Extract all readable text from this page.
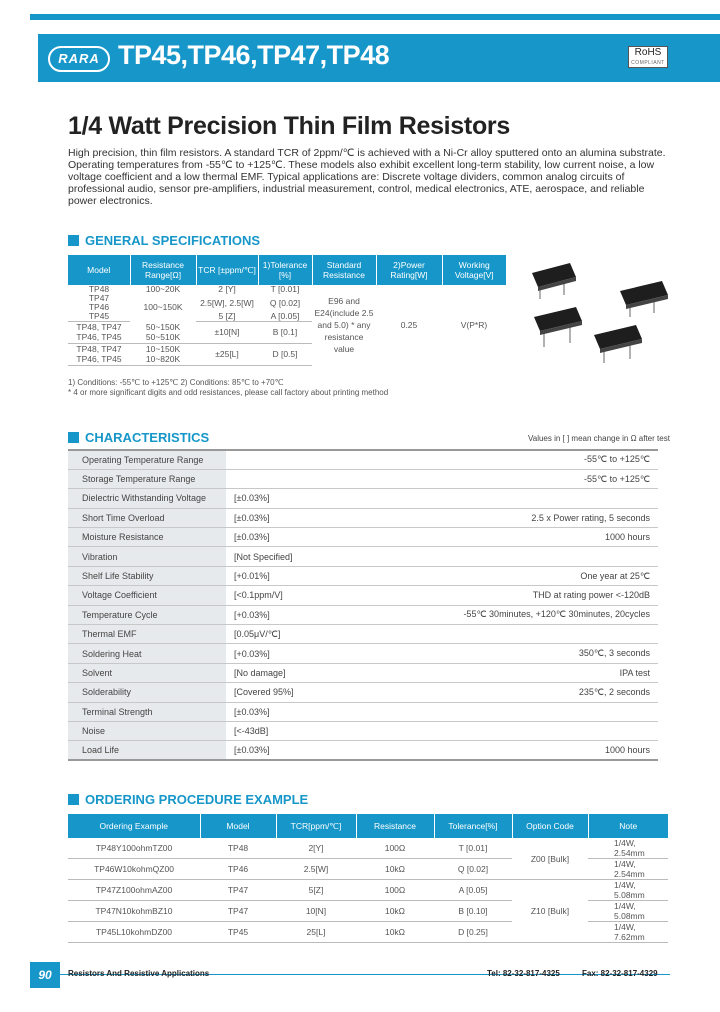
RARA TP45,TP46,TP47,TP48	RoHS
COMPLIANT
1/4 Watt Precision Thin Film Resistors

High precision, thin film resistors. A standard TCR of 2ppm/℃ is achieved with a Ni-Cr alloy sputtered onto an alumina substrate. Operating temperatures from -55℃ to +125℃. These models also exhibit excellent long-term stability, low current noise, a low voltage coefficient and a low thermal EMF. Typical applications are: Discrete voltage dividers, common analog circuits of professional audio, sensor pre-amplifiers, industrial measurement, control, medical electronics, ATE, aerospace, and reliable power electronics.

GENERAL SPECIFICATIONS
Model	Resistance Range[Ω]	TCR [±ppm/℃]	1)Tolerance [%]	Standard Resistance	2)Power Rating[W]	Working Voltage[V]
TP48	100~20K	2 [Y]	T [0.01]	E96 and E24(include 2.5 and 5.0) * any resistance value	0.25	V(P*R)
TP47	100~150K	2.5[W], 2.5[W]	Q [0.02]			
TP46						
TP45		5 [Z]	A [0.05]			
TP48, TP47	50~150K	±10[N]	B [0.1]			
TP46, TP45	50~510K					
TP48, TP47	10~150K	±25[L]	D [0.5]			
TP46, TP45	10~820K					
1) Conditions: -55℃ to +125℃ 2) Conditions: 85℃ to +70℃
* 4 or more significant digits and odd resistances, please call factory about printing method
CHARACTERISTICS	Values in [ ] mean change in Ω after test
Operating Temperature Range		-55℃ to +125℃
Storage Temperature Range		-55℃ to +125℃
Dielectric Withstanding Voltage	[±0.03%]	
Short Time Overload	[±0.03%]	2.5 x Power rating, 5 seconds
Moisture Resistance	[±0.03%]	1000 hours
Vibration	[Not Specified]	
Shelf Life Stability	[+0.01%]	One year at 25℃
Voltage Coefficient	[<0.1ppm/V]	THD at rating power <-120dB
Temperature Cycle	[+0.03%]	-55℃ 30minutes, +120℃ 30minutes, 20cycles
Thermal EMF	[0.05μV/℃]	
Soldering Heat	[+0.03%]	350℃, 3 seconds
Solvent	[No damage]	IPA test
Solderability	[Covered 95%]	235℃, 2 seconds
Terminal Strength	[±0.03%]	
Noise	[<-43dB]	
Load Life	[±0.03%]	1000 hours
ORDERING PROCEDURE EXAMPLE
Ordering Example	Model	TCR[ppm/℃]	Resistance	Tolerance[%]	Option Code	Note
TP48Y100ohmTZ00	TP48	2[Y]	100Ω	T [0.01]	Z00 [Bulk]	1/4W, 2.54mm
TP46W10kohmQZ00	TP46	2.5[W]	10kΩ	Q [0.02]		1/4W, 2.54mm
TP47Z100ohmAZ00	TP47	5[Z]	100Ω	A [0.05]	Z10 [Bulk]	1/4W, 5.08mm
TP47N10kohmBZ10	TP47	10[N]	10kΩ	B [0.10]		1/4W, 5.08mm
TP45L10kohmDZ00	TP45	25[L]	10kΩ	D [0.25]		1/4W, 7.62mm
90	Resistors And Resistive Applications	Tel: 82-32-817-4325	Fax: 82-32-817-4329
